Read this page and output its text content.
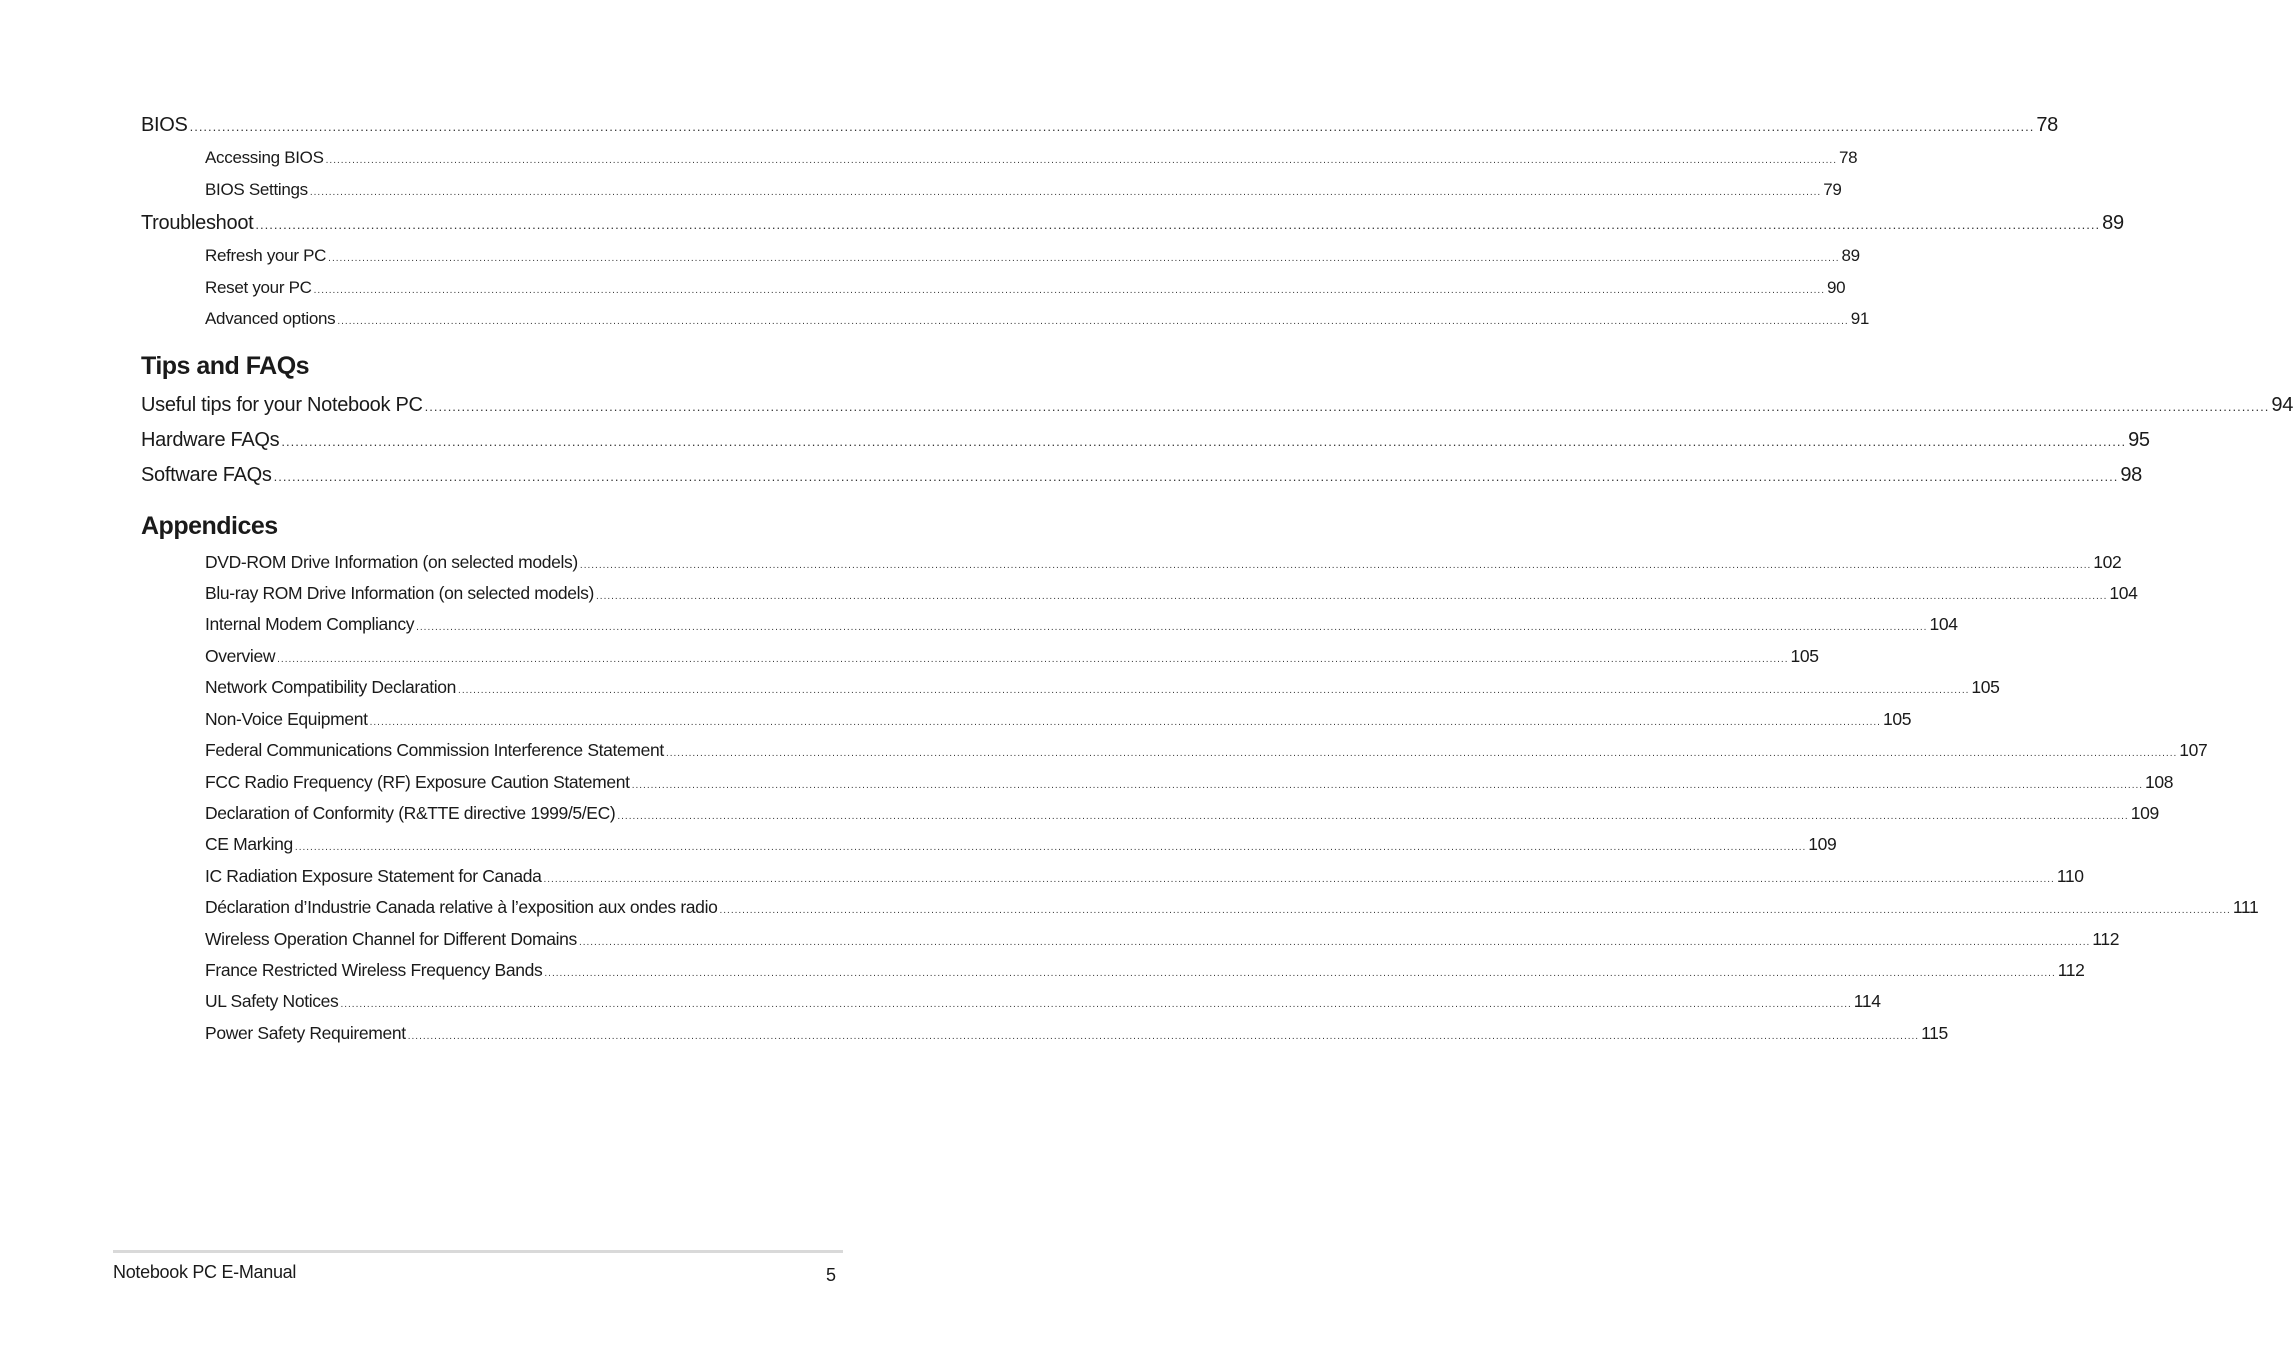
BIOS ................................................................................................................................................................................................................................................................................................................................................................................................................ 78
Accessing BIOS ................................................................................................................................................................................................................................................................................................................................................................................................................ 78
BIOS Settings ................................................................................................................................................................................................................................................................................................................................................................................................................ 79
Troubleshoot ................................................................................................................................................................................................................................................................................................................................................................................................................ 89
Refresh your PC ................................................................................................................................................................................................................................................................................................................................................................................................................ 89
Reset your PC ................................................................................................................................................................................................................................................................................................................................................................................................................ 90
Advanced options ................................................................................................................................................................................................................................................................................................................................................................................................................ 91
Tips and FAQs
Useful tips for your Notebook PC ................................................................................................................................................................................................................................................................................................................................................................................................................ 94
Hardware FAQs ................................................................................................................................................................................................................................................................................................................................................................................................................ 95
Software FAQs ................................................................................................................................................................................................................................................................................................................................................................................................................ 98
Appendices
DVD-ROM Drive Information (on selected models) ................................................................................................................................................................................................................................................................................................................................................................................................................ 102
Blu-ray ROM Drive Information (on selected models) ................................................................................................................................................................................................................................................................................................................................................................................................................ 104
Internal Modem Compliancy ................................................................................................................................................................................................................................................................................................................................................................................................................ 104
Overview ................................................................................................................................................................................................................................................................................................................................................................................................................ 105
Network Compatibility Declaration ................................................................................................................................................................................................................................................................................................................................................................................................................ 105
Non-Voice Equipment ................................................................................................................................................................................................................................................................................................................................................................................................................ 105
Federal Communications Commission Interference Statement ................................................................................................................................................................................................................................................................................................................................................................................................................ 107
FCC Radio Frequency (RF) Exposure Caution Statement ................................................................................................................................................................................................................................................................................................................................................................................................................ 108
Declaration of Conformity (R&TTE directive 1999/5/EC) ................................................................................................................................................................................................................................................................................................................................................................................................................ 109
CE Marking ................................................................................................................................................................................................................................................................................................................................................................................................................ 109
IC Radiation Exposure Statement for Canada ................................................................................................................................................................................................................................................................................................................................................................................................................ 110
Déclaration d’Industrie Canada relative à l’exposition aux ondes radio ................................................................................................................................................................................................................................................................................................................................................................................................................ 111
Wireless Operation Channel for Different Domains ................................................................................................................................................................................................................................................................................................................................................................................................................ 112
France Restricted Wireless Frequency Bands ................................................................................................................................................................................................................................................................................................................................................................................................................ 112
UL Safety Notices ................................................................................................................................................................................................................................................................................................................................................................................................................ 114
Power Safety Requirement ................................................................................................................................................................................................................................................................................................................................................................................................................ 115
Notebook PC E-Manual	5
